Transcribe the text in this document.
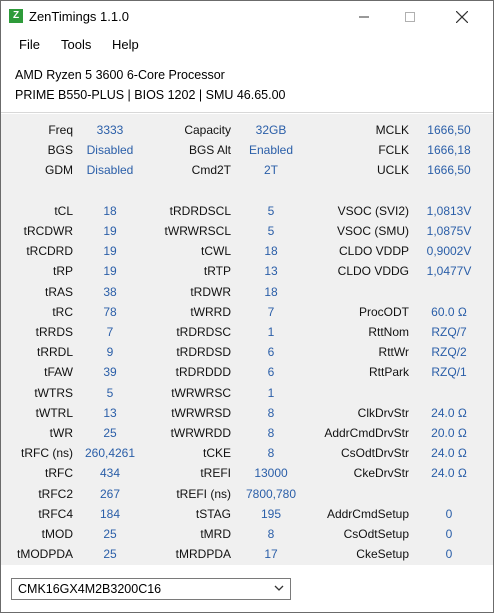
Z ZenTimings 1.1.0
File Tools Help
AMD Ryzen 5 3600 6-Core Processor
PRIME B550-PLUS | BIOS 1202 | SMU 46.65.00
Freq	3333	Capacity	32GB	MCLK	1666,50
BGS	Disabled	BGS Alt	Enabled	FCLK	1666,18
GDM	Disabled	Cmd2T	2T	UCLK	1666,50
tCL	18	tRDRDSCL	5	VSOC (SVI2)	1,0813V
tRCDWR	19	tWRWRSCL	5	VSOC (SMU)	1,0875V
tRCDRD	19	tCWL	18	CLDO VDDP	0,9002V
tRP	19	tRTP	13	CLDO VDDG	1,0477V
tRAS	38	tRDWR	18
tRC	78	tWRRD	7	ProcODT	60.0 Ω
tRRDS	7	tRDRDSC	1	RttNom	RZQ/7
tRRDL	9	tRDRDSD	6	RttWr	RZQ/2
tFAW	39	tRDRDDD	6	RttPark	RZQ/1
tWTRS	5	tWRWRSC	1
tWTRL	13	tWRWRSD	8	ClkDrvStr	24.0 Ω
tWR	25	tWRWRDD	8	AddrCmdDrvStr	20.0 Ω
tRFC (ns) 260,4261	tCKE	8	CsOdtDrvStr	24.0 Ω
tRFC	434	tREFI	13000	CkeDrvStr	24.0 Ω
tRFC2	267	tREFI (ns)	7800,780
tRFC4	184	tSTAG	195	AddrCmdSetup	0
tMOD	25	tMRD	8	CsOdtSetup	0
tMODPDA	25	tMRDPDA	17	CkeSetup	0
CMK16GX4M2B3200C16
